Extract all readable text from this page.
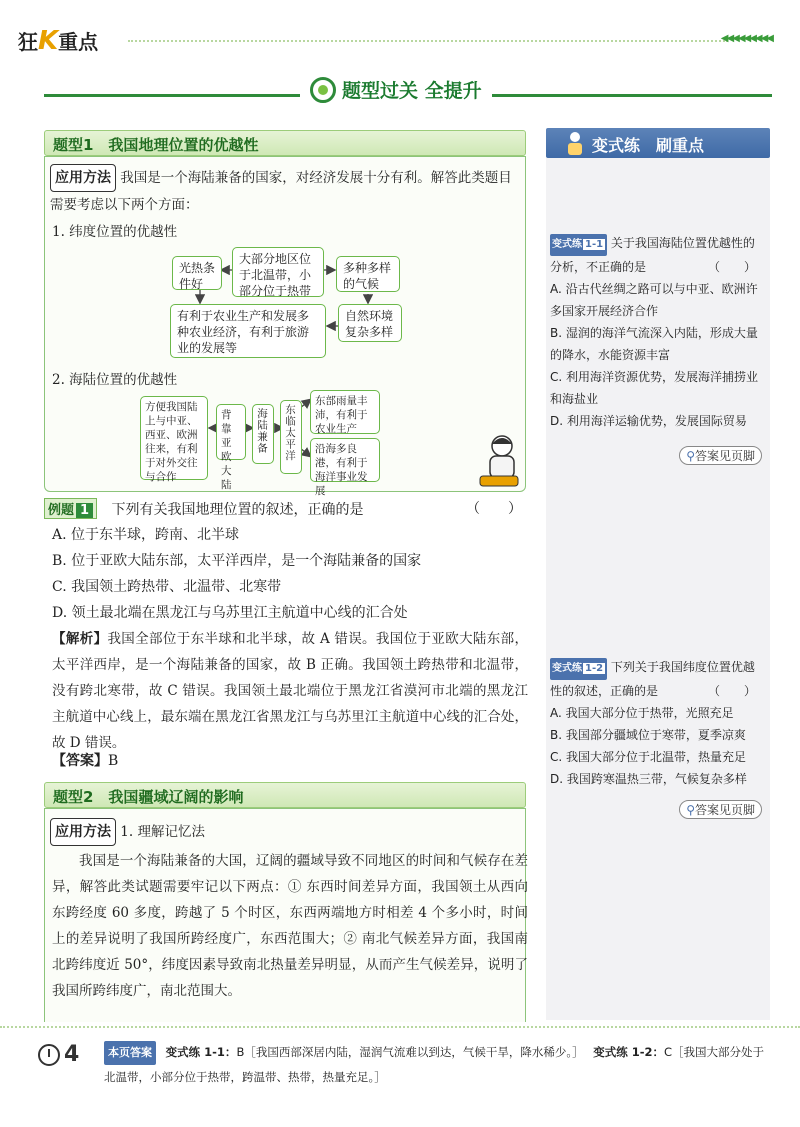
狂K重点	◀◀◀◀◀◀◀◀◀
题型过关 全提升
题型1　我国地理位置的优越性
应用方法 我国是一个海陆兼备的国家，对经济发展十分有利。解答此类题目需要考虑以下两个方面：
1. 纬度位置的优越性
大部分地区位于北温带，小部分位于热带
光热条件好
多种多样的气候
有利于农业生产和发展多种农业经济，有利于旅游业的发展等
自然环境复杂多样
2. 海陆位置的优越性
方便我国陆上与中亚、西亚、欧洲往来，有利于对外交往与合作
背靠亚欧大陆
海陆兼备	东临太平洋
东部雨量丰沛，有利于农业生产
沿海多良港，有利于海洋事业发展
例题 1 下列有关我国地理位置的叙述，正确的是	（　　）
A. 位于东半球，跨南、北半球
B. 位于亚欧大陆东部，太平洋西岸，是一个海陆兼备的国家
C. 我国领土跨热带、北温带、北寒带
D. 领土最北端在黑龙江与乌苏里江主航道中心线的汇合处
【解析】我国全部位于东半球和北半球，故 A 错误。我国位于亚欧大陆东部，太平洋西岸，是一个海陆兼备的国家，故 B 正确。我国领土跨热带和北温带，没有跨北寒带，故 C 错误。我国领土最北端位于黑龙江省漠河市北端的黑龙江主航道中心线上，最东端在黑龙江省黑龙江与乌苏里江主航道中心线的汇合处，故 D 错误。
【答案】B
题型2　我国疆域辽阔的影响
应用方法 1. 理解记忆法
我国是一个海陆兼备的大国，辽阔的疆域导致不同地区的时间和气候存在差异，解答此类试题需要牢记以下两点：① 东西时间差异方面，我国领土从西向东跨经度 60 多度，跨越了 5 个时区，东西两端地方时相差 4 个多小时，时间上的差异说明了我国所跨经度广，东西范围大；② 南北气候差异方面，我国南北跨纬度近 50°，纬度因素导致南北热量差异明显，从而产生气候差异，说明了我国所跨纬度广，南北范围大。
变式练　刷重点
变式练 1-1 关于我国海陆位置优越性的分析，不正确的是	（　　）
A. 沿古代丝绸之路可以与中亚、欧洲许多国家开展经济合作
B. 湿润的海洋气流深入内陆，形成大量的降水，水能资源丰富
C. 利用海洋资源优势，发展海洋捕捞业和海盐业
D. 利用海洋运输优势，发展国际贸易
⚲答案见页脚
变式练 1-2 下列关于我国纬度位置优越性的叙述，正确的是	（　　）
A. 我国大部分位于热带，光照充足
B. 我国部分疆域位于寒带，夏季凉爽
C. 我国大部分位于北温带，热量充足
D. 我国跨寒温热三带，气候复杂多样
⚲答案见页脚
4	本页答案 变式练 1-1：B［我国西部深居内陆，湿润气流难以到达，气候干旱，降水稀少。］ 变式练 1-2：C［我国大部分处于北温带，小部分位于热带，跨温带、热带，热量充足。］
